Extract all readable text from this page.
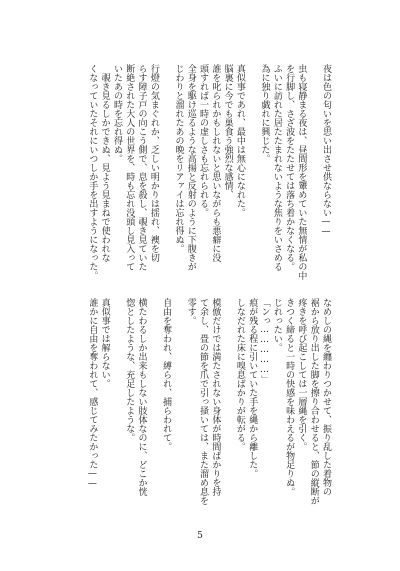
夜は色の匂いを思い出させ供ならない——
虫も寝静まる夜は、昼間形を顰めていた無情が私の中
を行脚し、さざ波をたたせては落ち着かなくなる。
ふいに訪れた居たたまれないような焦りをいさめる
為に独り戯れに興じた。
真似事であれ、最中は無心になれた。
脳裏に今でも巣食う強烈な感情、
誰を叱られかもしれないと思いながらも悪癖に没
頭すれば一時の虚しさも忘れられる。
全身を駆け巡るような高揚と反射のように下腹きが
じわりと溜れたあの晩をリアァイは忘れ得ぬ。
行燈の気まぐれか、乏しい明かりは揺れ、襖を切
らす障子戸の向こう側で、息を殺し、覗き見ていた
断絶された大人の世界を、時も忘れ没頭し見入って
いたあの時を忘れ得ぬ。
　覗き見るしかできぬ、見よう見まねで使われな
くなっていたそれにいつしか手を出すようになった。
なめしの縄を纏わりつかせて、振り乱した着物の
裾から放り出した脚を擦り合わせると、節の縦断が
疼きを呼び起こしては一層縄を引く。
きつく締ると一時の快感を味わえるが物足りぬ。
じれったい。
「ンっ……………」
痕が残る程に引いていた手を縄から離した。
しなだれた床に嗅息ばかりが転がる。
模倣だけでは満たされない身体が時間ばかりを持
て余し、畳の節を爪で引っ掻いては、また溜め息を
零す。
自由を奪われ、縛られ、捕らわれて。
横たわるしか出来もしない肢体なのに、どこか恍
惚としたような、充足したような。
真似事では解らない。
誰かに自由を奪われて、感じてみたかった——
5
